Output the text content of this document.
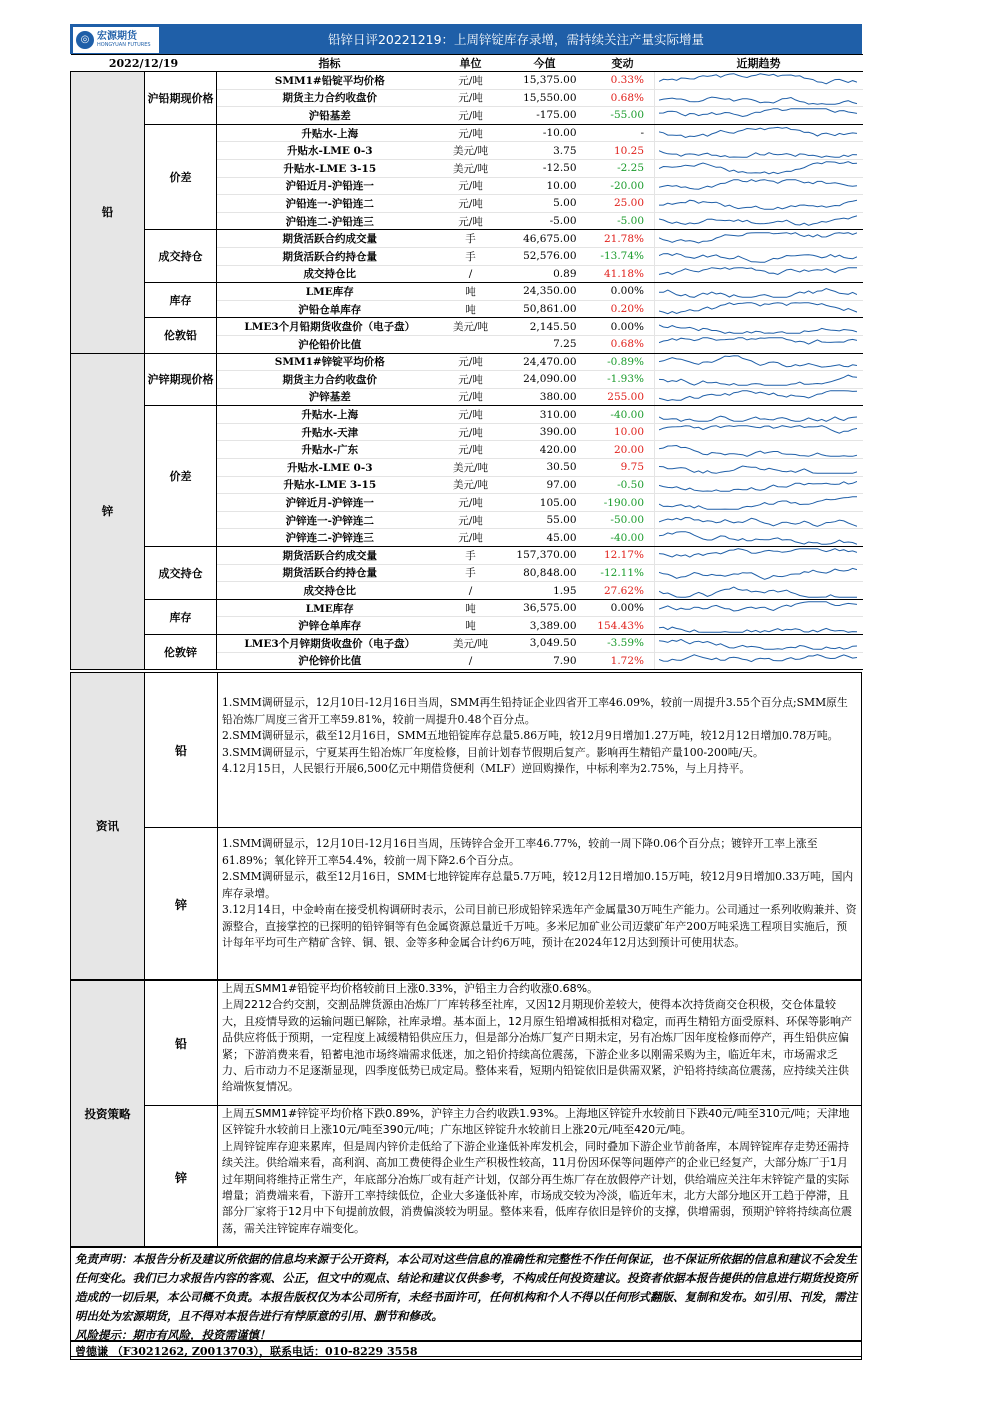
◎ 宏源期货
HONGYUAN FUTURES	铅锌日评20221219：上周锌锭库存录增，需持续关注产量实际增量
2022/12/19		指标	单位	今值	变动	近期趋势
铅	沪铅期现价格	SMM1#铅锭平均价格	元/吨	15,375.00	0.33%	

		期货主力合约收盘价	元/吨	15,550.00	0.68%	

		沪铅基差	元/吨	-175.00	-55.00	

	价差	升贴水-上海	元/吨	-10.00	-	

		升贴水-LME 0-3	美元/吨	3.75	10.25	

		升贴水-LME 3-15	美元/吨	-12.50	-2.25	

		沪铅近月-沪铅连一	元/吨	10.00	-20.00	

		沪铅连一-沪铅连二	元/吨	5.00	25.00	

		沪铅连二-沪铅连三	元/吨	-5.00	-5.00	

	成交持仓	期货活跃合约成交量	手	46,675.00	21.78%	

		期货活跃合约持仓量	手	52,576.00	-13.74%	

		成交持仓比	/	0.89	41.18%	

	库存	LME库存	吨	24,350.00	0.00%	

		沪铅仓单库存	吨	50,861.00	0.20%	

	伦敦铅	LME3个月铅期货收盘价（电子盘）	美元/吨	2,145.50	0.00%	

		沪伦铅价比值		7.25	0.68%	

锌	沪锌期现价格	SMM1#锌锭平均价格	元/吨	24,470.00	-0.89%	

		期货主力合约收盘价	元/吨	24,090.00	-1.93%	

		沪锌基差	元/吨	380.00	255.00	

	价差	升贴水-上海	元/吨	310.00	-40.00	

		升贴水-天津	元/吨	390.00	10.00	

		升贴水-广东	元/吨	420.00	20.00	

		升贴水-LME 0-3	美元/吨	30.50	9.75	

		升贴水-LME 3-15	美元/吨	97.00	-0.50	

		沪锌近月-沪锌连一	元/吨	105.00	-190.00	

		沪锌连一-沪锌连二	元/吨	55.00	-50.00	

		沪锌连二-沪锌连三	元/吨	45.00	-40.00	

	成交持仓	期货活跃合约成交量	手	157,370.00	12.17%	

		期货活跃合约持仓量	手	80,848.00	-12.11%	

		成交持仓比	/	1.95	27.62%	

	库存	LME库存	吨	36,575.00	0.00%	

		沪锌仓单库存	吨	3,389.00	154.43%	

	伦敦锌	LME3个月锌期货收盘价（电子盘）	美元/吨	3,049.50	-3.59%	

		沪伦锌价比值	/	7.90	1.72%	
资讯
铅

1.SMM调研显示，12月10日-12月16日当周，SMM再生铅持证企业四省开工率46.09%，较前一周提升3.55个百分点;SMM原生铅冶炼厂周度三省开工率59.81%，较前一周提升0.48个百分点。

2.SMM调研显示，截至12月16日，SMM五地铅锭库存总量5.86万吨，较12月9日增加1.27万吨，较12月12日增加0.78万吨。

3.SMM调研显示，宁夏某再生铅冶炼厂年度检修，目前计划春节假期后复产。影响再生精铅产量100-200吨/天。

4.12月15日，人民银行开展6,500亿元中期借贷便利（MLF）逆回购操作，中标利率为2.75%，与上月持平。

锌

1.SMM调研显示，12月10日-12月16日当周，压铸锌合金开工率46.77%，较前一周下降0.06个百分点；镀锌开工率上涨至61.89%；氧化锌开工率54.4%，较前一周下降2.6个百分点。

2.SMM调研显示，截至12月16日，SMM七地锌锭库存总量5.7万吨，较12月12日增加0.15万吨，较12月9日增加0.33万吨，国内库存录增。

3.12月14日，中金岭南在接受机构调研时表示，公司目前已形成铅锌采选年产金属量30万吨生产能力。公司通过一系列收购兼并、资源整合，直接掌控的已探明的铅锌铜等有色金属资源总量近千万吨。多米尼加矿业公司迈蒙矿年产200万吨采选工程项目实施后，预计每年平均可生产精矿含锌、铜、银、金等多种金属合计约6万吨，预计在2024年12月达到预计可使用状态。

投资策略
铅

上周五SMM1#铅锭平均价格较前日上涨0.33%，沪铅主力合约收涨0.68%。

上周2212合约交割，交割品牌货源由冶炼厂厂库转移至社库，又因12月期现价差较大，使得本次持货商交仓积极，交仓体量较大，且疫情导致的运输问题已解除，社库录增。基本面上，12月原生铅增减相抵相对稳定，而再生精铅方面受原料、环保等影响产品供应将低于预期，一定程度上减缓精铅供应压力，但是部分冶炼厂复产日期未定，另有冶炼厂因年度检修而停产，再生铅供应偏紧；下游消费来看，铅蓄电池市场终端需求低迷，加之铅价持续高位震荡，下游企业多以刚需采购为主，临近年末，市场需求乏力、后市动力不足逐渐显现，四季度低势已成定局。整体来看，短期内铅锭依旧是供需双紧，沪铅将持续高位震荡，应持续关注供给端恢复情况。

锌

上周五SMM1#锌锭平均价格下跌0.89%，沪锌主力合约收跌1.93%。上海地区锌锭升水较前日下跌40元/吨至310元/吨；天津地区锌锭升水较前日上涨10元/吨至390元/吨；广东地区锌锭升水较前日上涨20元/吨至420元/吨。

上周锌锭库存迎来累库，但是周内锌价走低给了下游企业逢低补库发机会，同时叠加下游企业节前备库，本周锌锭库存走势还需持续关注。供给端来看，高利润、高加工费使得企业生产积极性较高，11月份因环保等问题停产的企业已经复产，大部分炼厂于1月过年期间将维持正常生产，年底部分冶炼厂或有赶产计划，仅部分再生炼厂存在放假停产计划，供给端应关注年末锌锭产量的实际增量；消费端来看，下游开工率持续低位，企业大多逢低补库，市场成交较为冷淡，临近年末，北方大部分地区开工趋于停滞，且部分厂家将于12月中下旬提前放假，消费偏淡较为明显。整体来看，低库存依旧是锌价的支撑，供增需弱，预期沪锌将持续高位震荡，需关注锌锭库存端变化。

免责声明：本报告分析及建议所依据的信息均来源于公开资料，本公司对这些信息的准确性和完整性不作任何保证，也不保证所依据的信息和建议不会发生任何变化。我们已力求报告内容的客观、公正，但文中的观点、结论和建议仅供参考，不构成任何投资建议。投资者依据本报告提供的信息进行期货投资所造成的一切后果，本公司概不负责。本报告版权仅为本公司所有，未经书面许可，任何机构和个人不得以任何形式翻版、复制和发布。如引用、刊发，需注明出处为宏源期货，且不得对本报告进行有悖原意的引用、删节和修改。

风险提示：期市有风险，投资需谨慎！

曾德谦 （F3021262, Z0013703），联系电话：010-8229 3558
